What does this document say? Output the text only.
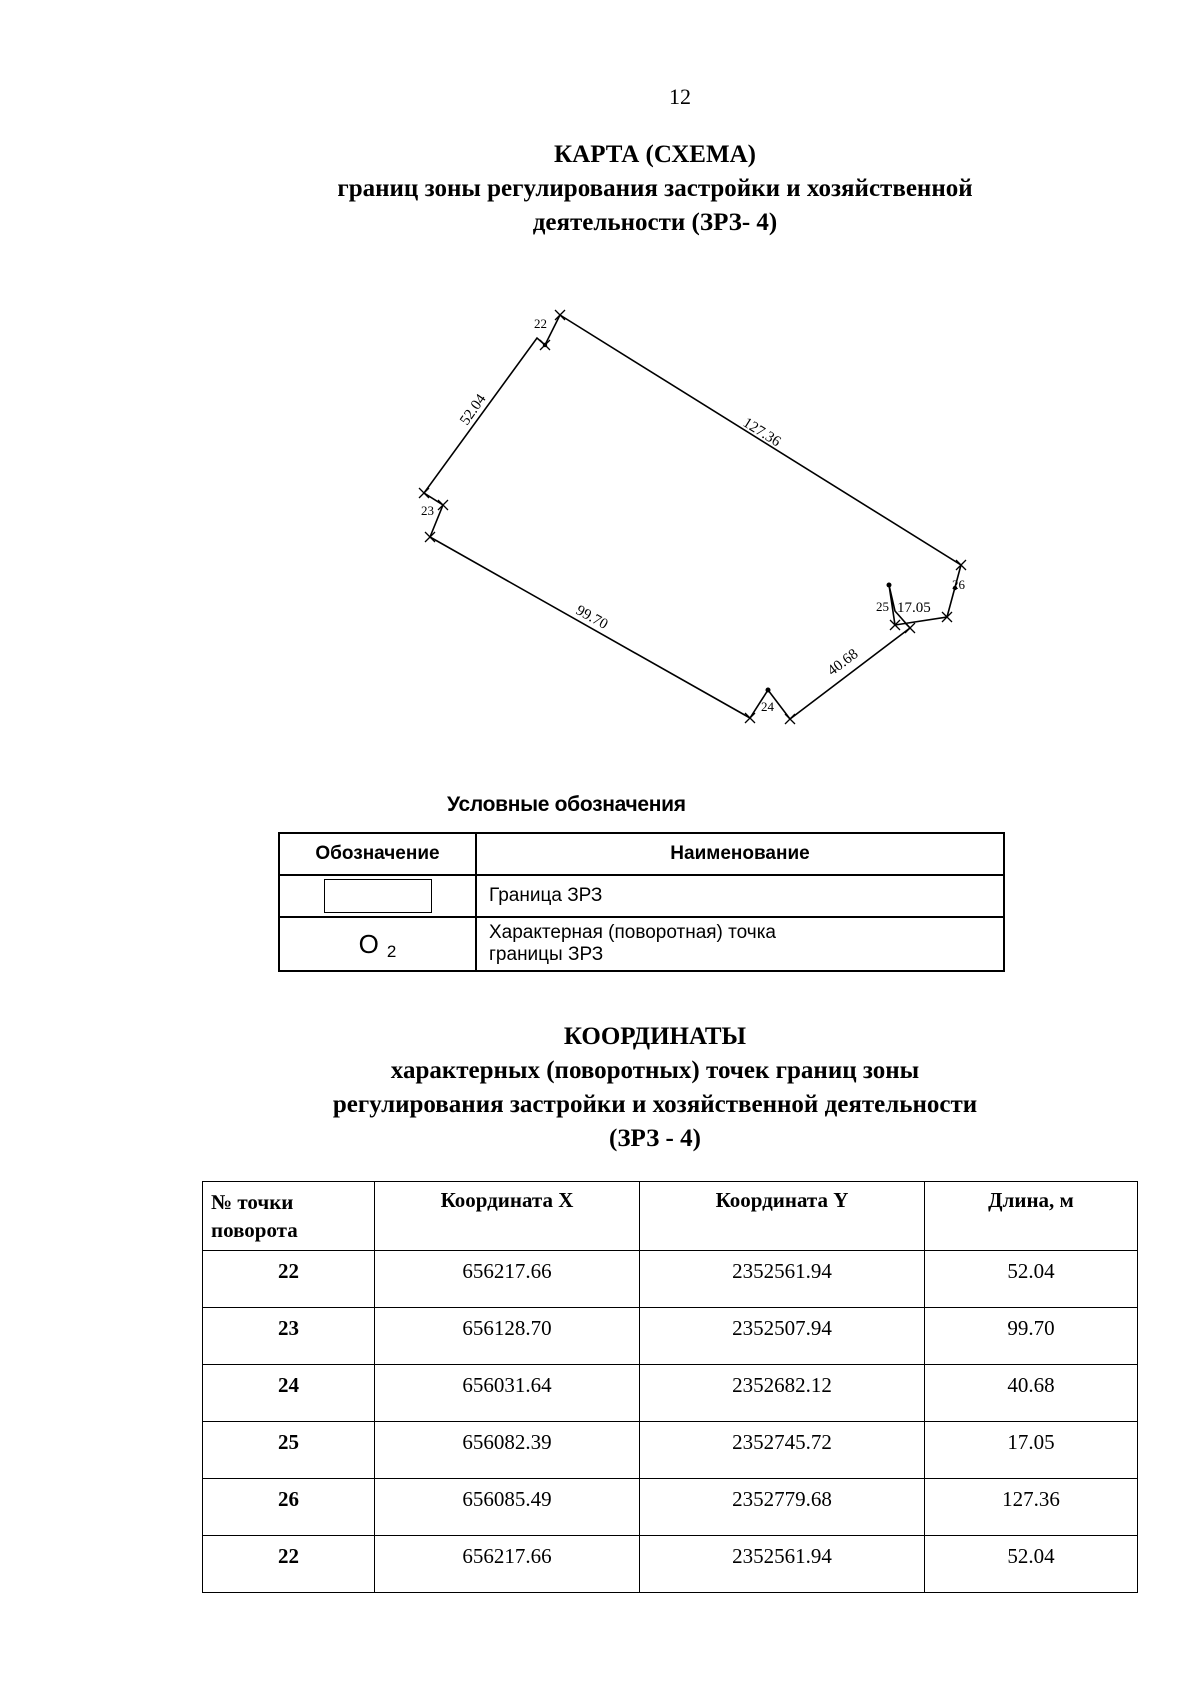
12
КАРТА (СХЕМА)
границ зоны регулирования застройки и хозяйственной
деятельности (ЗРЗ- 4)
22
23
24
25
26
52.04
127.36
99.70
40.68
17.05
Условные обозначения
Обозначение	Наименование
	Граница ЗРЗ
O 2	Характерная (поворотная) точка
границы ЗРЗ
КООРДИНАТЫ
характерных (поворотных) точек границ зоны
регулирования застройки и хозяйственной деятельности
(ЗРЗ - 4)
№ точки поворота	Координата X	Координата Y	Длина, м
22	656217.66	2352561.94	52.04
23	656128.70	2352507.94	99.70
24	656031.64	2352682.12	40.68
25	656082.39	2352745.72	17.05
26	656085.49	2352779.68	127.36
22	656217.66	2352561.94	52.04
